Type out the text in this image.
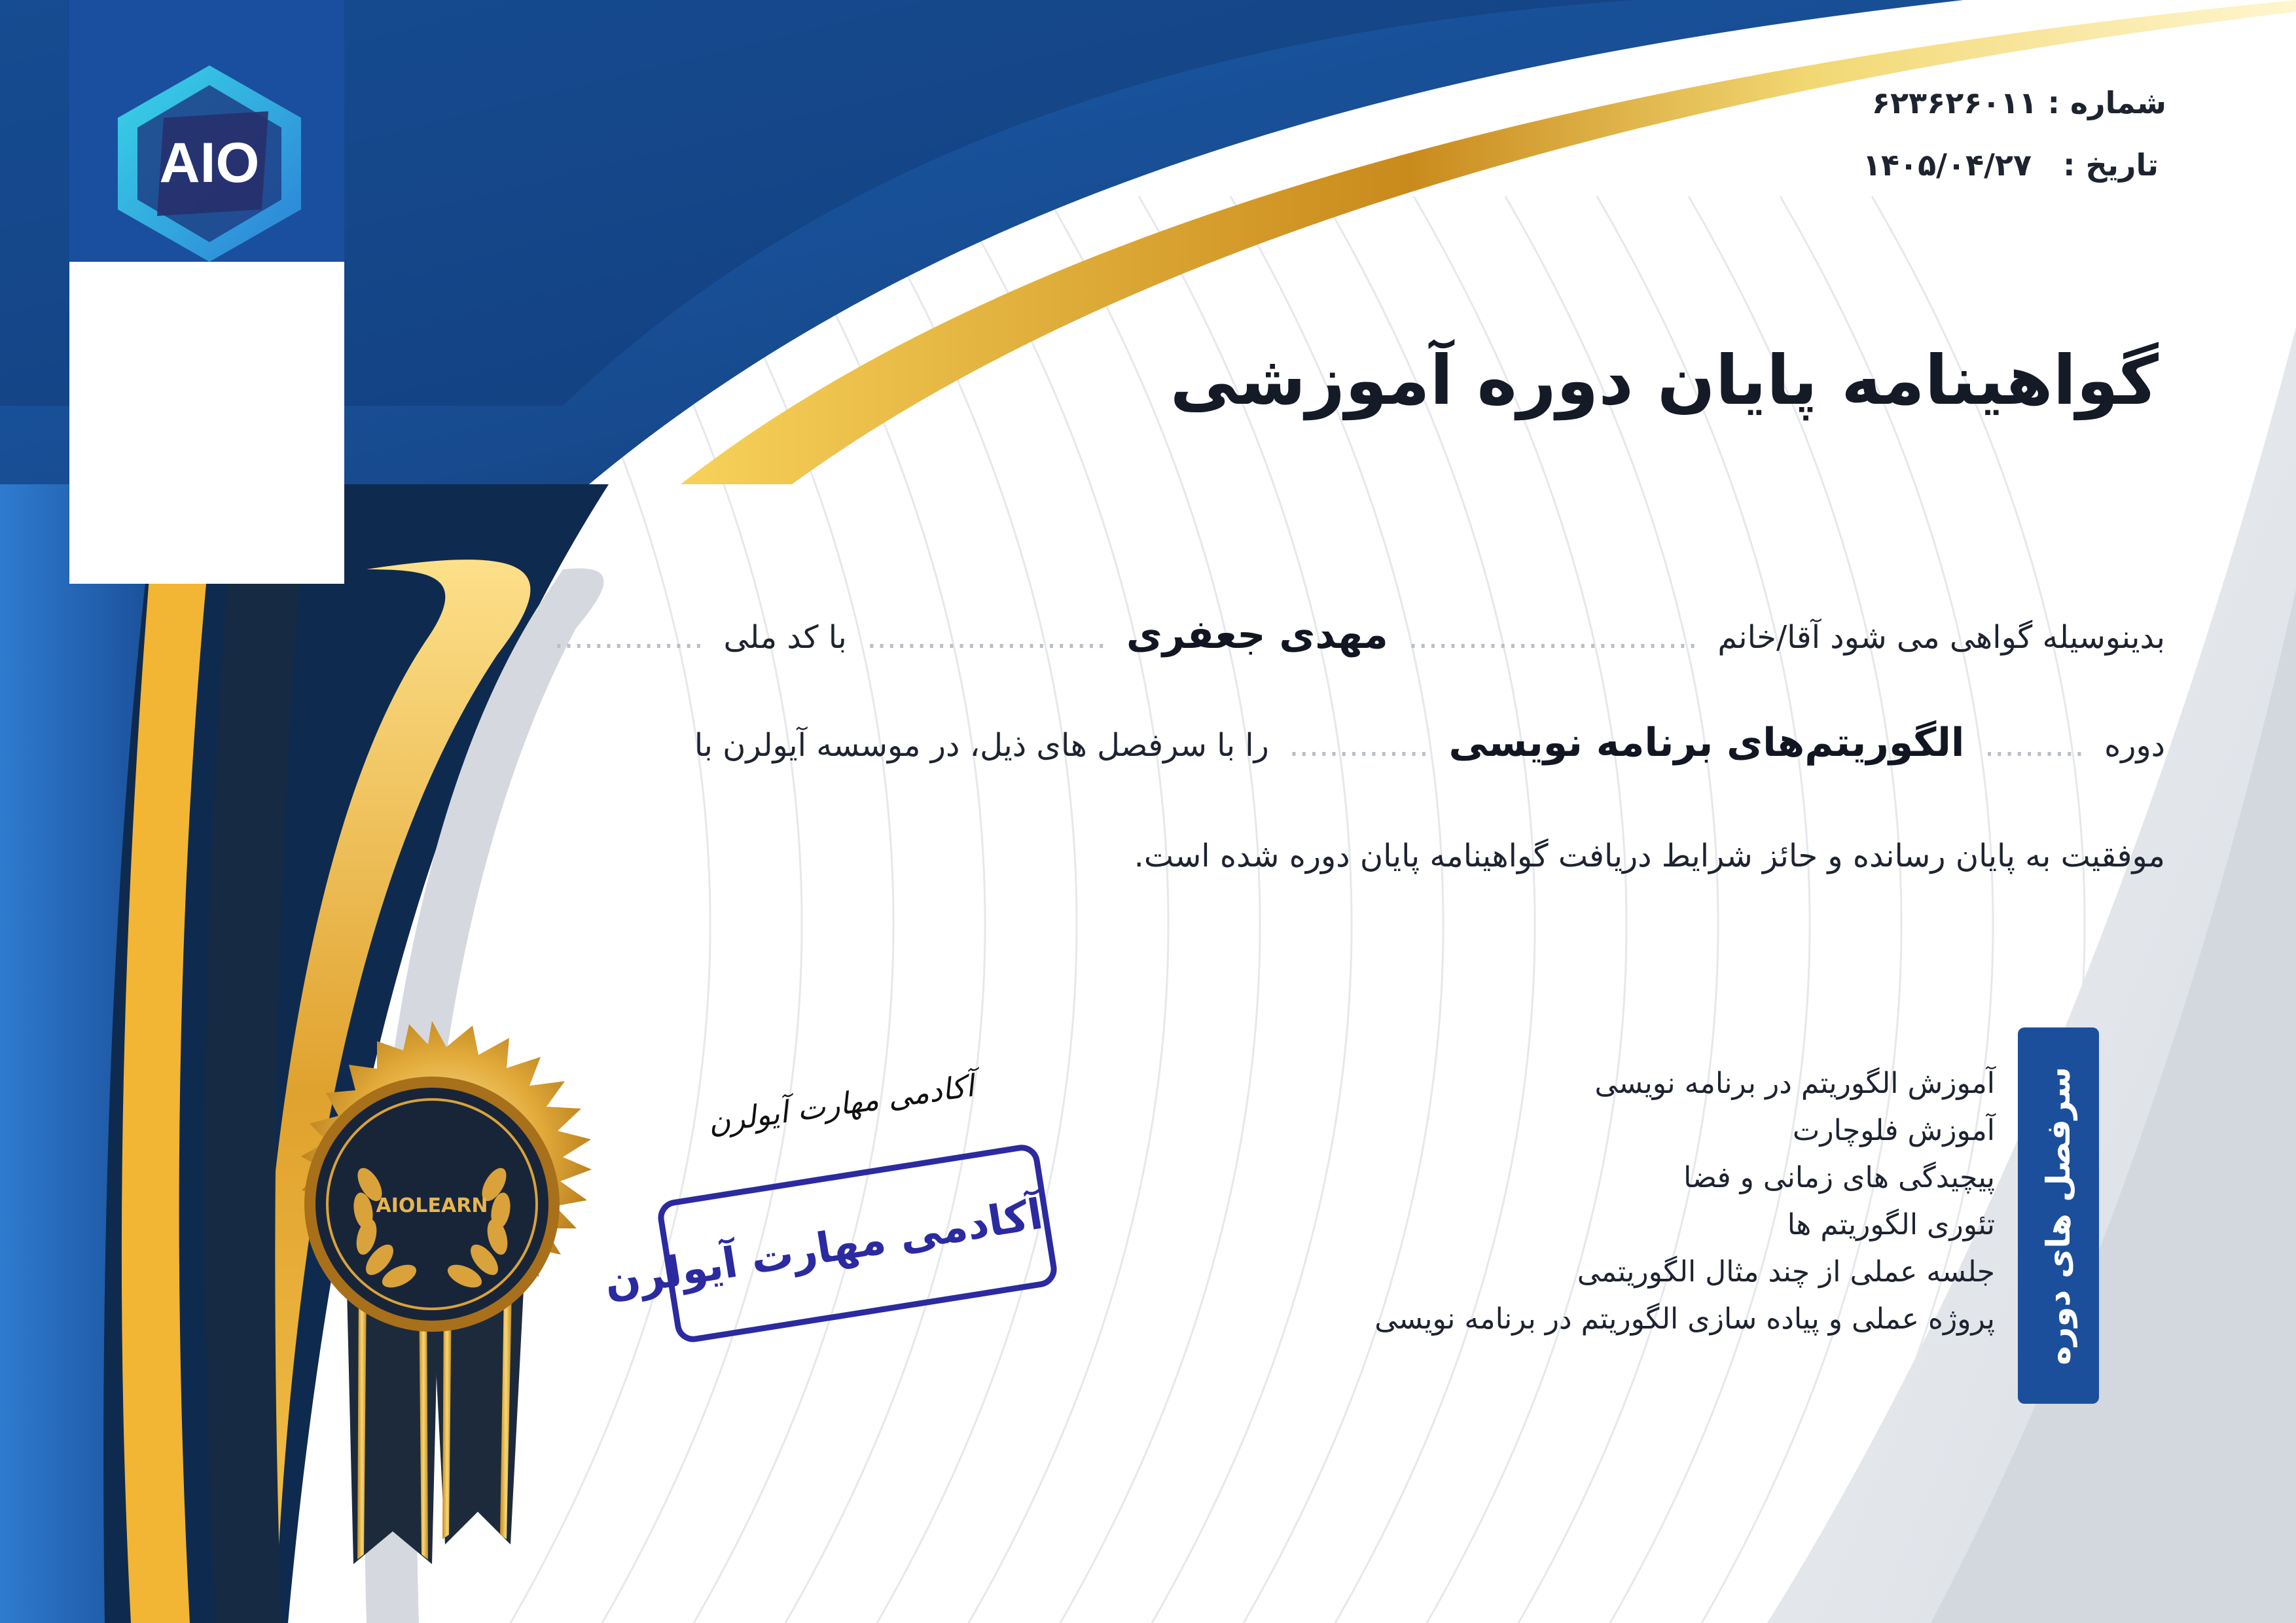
AIO
شماره : ۶۲۳۶۲۶۰۱۱
تاریخ :   ۱۴۰۵/۰۴/۲۷
گواهینامه پایان دوره آموزشی
بدینوسیله گواهی می شود آقا/خانم  .............................  مهدی جعفری  ........................  با کد ملی  ...............
دوره  ..........  الگوریتم‌های برنامه نویسی  ..............  را با سرفصل های ذیل، در موسسه آیولرن با
موفقیت به پایان رسانده و حائز شرایط دریافت گواهینامه پایان دوره شده است.
سرفصل های دوره
آموزش الگوریتم در برنامه نویسی
آموزش فلوچارت
پیچیدگی های زمانی و فضا
تئوری الگوریتم ها
جلسه عملی از چند مثال الگوریتمی
پروژه عملی و پیاده سازی الگوریتم در برنامه نویسی
AIOLEARN
آکادمی مهارت آیولرن
آکادمی مهارت آیولرن
